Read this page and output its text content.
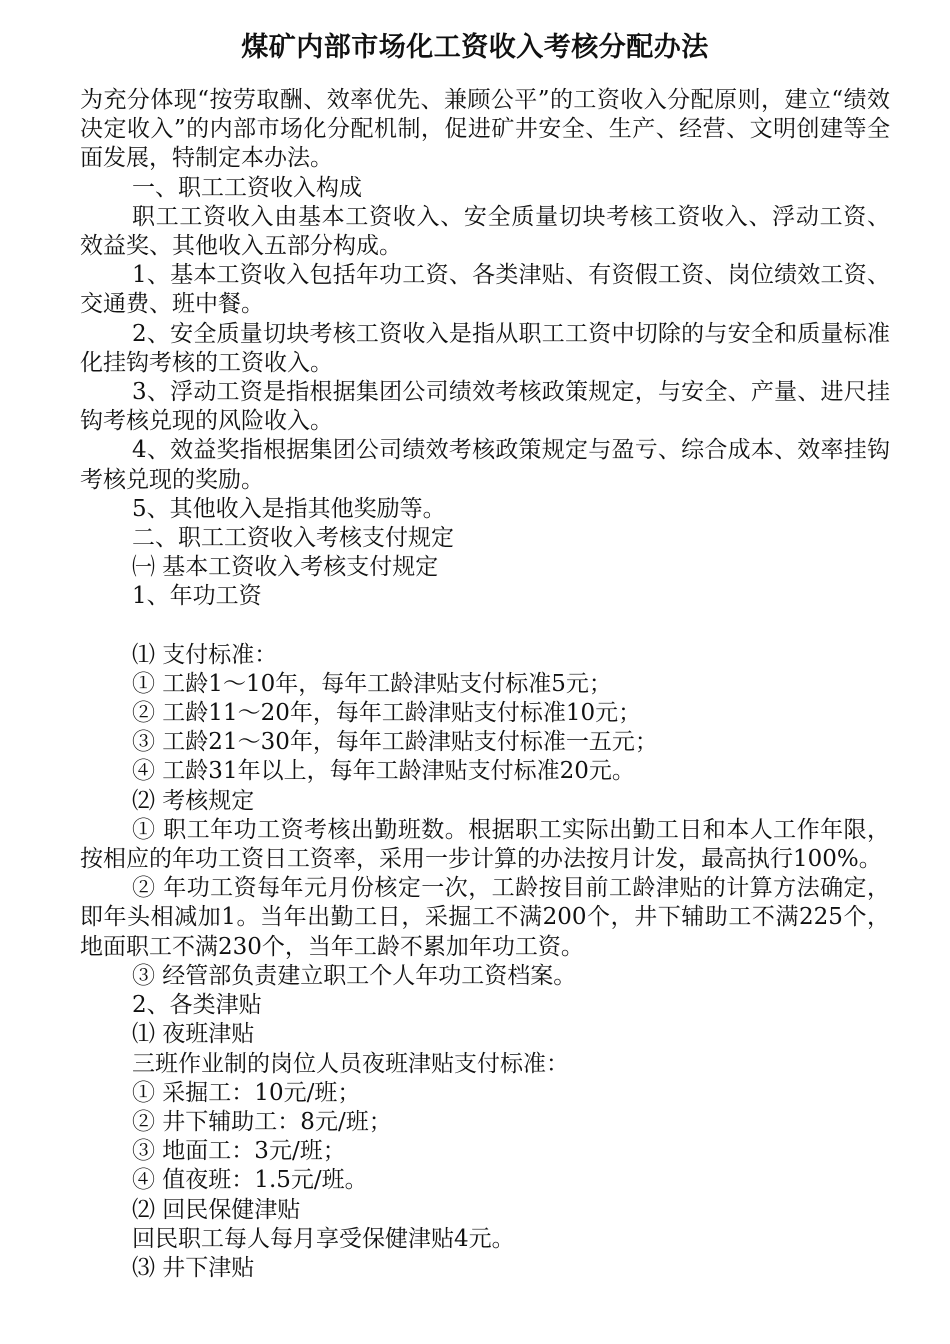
煤矿内部市场化工资收入考核分配办法

为充分体现“按劳取酬、效率优先、兼顾公平”的工资收入分配原则，建立“绩效决定收入”的内部市场化分配机制，促进矿井安全、生产、经营、文明创建等全面发展，特制定本办法。

一、职工工资收入构成

职工工资收入由基本工资收入、安全质量切块考核工资收入、浮动工资、效益奖、其他收入五部分构成。

1、基本工资收入包括年功工资、各类津贴、有资假工资、岗位绩效工资、交通费、班中餐。

2、安全质量切块考核工资收入是指从职工工资中切除的与安全和质量标准化挂钩考核的工资收入。

3、浮动工资是指根据集团公司绩效考核政策规定，与安全、产量、进尺挂钩考核兑现的风险收入。

4、效益奖指根据集团公司绩效考核政策规定与盈亏、综合成本、效率挂钩考核兑现的奖励。

5、其他收入是指其他奖励等。

二、职工工资收入考核支付规定

㈠ 基本工资收入考核支付规定

1、年功工资

⑴ 支付标准：

① 工龄1～10年，每年工龄津贴支付标准5元；

② 工龄11～20年，每年工龄津贴支付标准10元；

③ 工龄21～30年，每年工龄津贴支付标准一五元；

④ 工龄31年以上，每年工龄津贴支付标准20元。

⑵ 考核规定

① 职工年功工资考核出勤班数。根据职工实际出勤工日和本人工作年限，按相应的年功工资日工资率，采用一步计算的办法按月计发，最高执行100%。

② 年功工资每年元月份核定一次，工龄按目前工龄津贴的计算方法确定，即年头相减加1。当年出勤工日，采掘工不满200个，井下辅助工不满225个，地面职工不满230个，当年工龄不累加年功工资。

③ 经管部负责建立职工个人年功工资档案。

2、各类津贴

⑴ 夜班津贴

三班作业制的岗位人员夜班津贴支付标准：

① 采掘工：10元/班；

② 井下辅助工：8元/班；

③ 地面工：3元/班；

④ 值夜班：1.5元/班。

⑵ 回民保健津贴

回民职工每人每月享受保健津贴4元。

⑶ 井下津贴
